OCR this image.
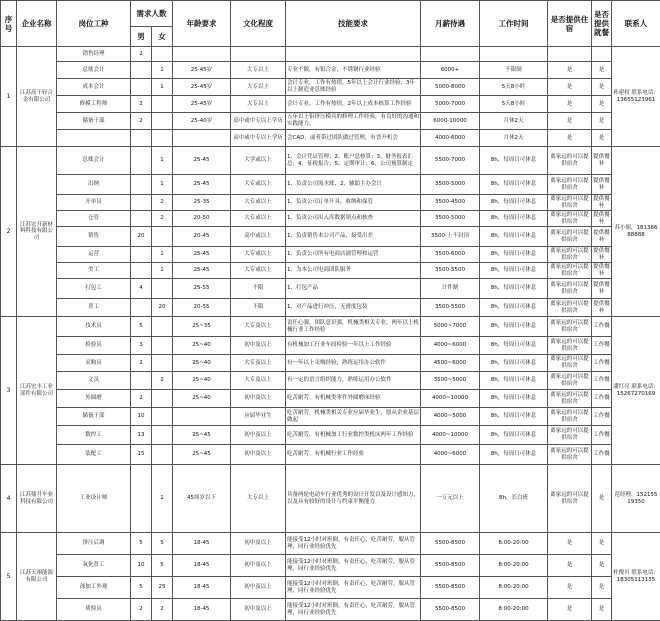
序号	企业名称	岗位工种	需求人数		年龄要求	文化程度	技能要求	月薪待遇	工作时间	是否提供住宿	是否提供就餐	联系人
			男	女								
1	江苏高千轻合金有限公司	销售经理	2									孙建权 联系电话：13655123961
		总账会计		1	25-45岁	大专以上	专业不限，有铝合金，不锈钢行业经验	6000+	不限制	是	是	
		成本会计		1	25-45岁	大专以上	会计专业，工作有热情，5年以上会计行业经验，3年以上制造业总账经验	5000-8000	5天8小时	是	是	
		修模工程师	2		25-45岁	大专以上	会计专业，工作有热情，2年以上成本核算工作经验	5000-7000	5天8小时	是	是	
		储备干部	2		25-40岁	高中或中专以上学历	五年以上铝挤压模具的修理工作经验，有良好的沟通和实践能力。	6000-10000	月休2天	是	是	
						高中或中专以上学历	会CAD，或者带过团队做过管理，有晋升机会	4000-6000	月休2天	是	是	
2	江苏宏升新材料科技有限公司	总账会计		1	25-45	大学或以上	1、会计凭证管理；2、账户总核算；3、财务报表汇总；4、征税报告；5、定期审计；6、公司预算制定	5500-7000	8h，每周日可休息	离家远的可以提供宿舍	提供餐补	苏小姐，18136688888
		出纳		1	25-45	大专或以上	1、负责公司流水账，2、辅助主办会计	3500-5000	8h，每周日可休息	离家远的可以提供宿舍	提供餐补	
		开单员		2	25-35	大专或以上	1、负责公司订单开具，收纳和保管	3500-4500	8h，每周日可休息	离家远的可以提供宿舍	提供餐补	
		仓管		2	20-50	大专或以上	1、负责公司出入库数据填点和核查	3500-5000	8h，每周日可休息	离家远的可以提供宿舍	提供餐补	
		销售	20		20-45	高中或以上	1、负责销售本公司产品，接受出差	3500-上不封顶	8h，每周日可休息	离家远的可以提供宿舍	提供餐补	
		运营		1	25-45	大专或以上	1、负责公司所有电商店铺管理和运营	3500-6000	8h，每周日可休息	离家远的可以提供宿舍	提供餐补	
		美工		1	25-45	大专或以上	1、为本公司电商团队服务	3500-5500	8h，每周日可休息	离家远的可以提供宿舍	提供餐补	
		打包工	4		25-55	不限	1、打包产品	计件制	8h，每周日可休息	离家远的可以提供宿舍	提供餐补	
		普工		20	20-55	不限	1、对产品进行冲压，无滑度包装	3500-5500	8h，每周日可休息	离家远的可以提供宿舍	提供餐补	
3	江苏宏丰工业部件有限公司	技术员	5		25~35	大专及以上	责任心强，团队意识强，机械类相关专业，两年以上机械行业工作经验	5000~7000	8h，每周日可休息	离家远的可以提供宿舍	工作餐	潘红亮 联系电话：15267270169
		检验员	3		25~40	初中及以上	有机械加工行业车间检验一年以上工作经验	4000~6000	8h，每周日可休息	离家远的可以提供宿舍	工作餐	
		采购员	2		25~40	大专及以上	有一年以上采购经验，熟练运用办公软件	4500~6000	8h，每周日可休息	离家远的可以提供宿舍	工作餐	
		文员		2	25~40	大专及以上	有一定的语言组织能力，熟练运用办公软件	3500~5000	8h，每周日可休息	离家远的可以提供宿舍	工作餐	
		外圆磨	2		25~40	初中及以上	吃苦耐劳，有机械类零件外圆磨床经验	4000~10000	8h，每周日可休息	离家远的可以提供宿舍	工作餐	
		储备干部	10			应届毕业生	吃苦耐劳，机械类相关专业应届毕业生，愿从企业基层做起	4000~5000	8h，每周日可休息	离家远的可以提供宿舍	工作餐	
		数控工	13		25~45	初中及以上	吃苦耐劳，有机械加工行业数控类机床两年工作经验	4000~10000	8h，每周日可休息	离家远的可以提供宿舍	工作餐	
		装配工	15		25~45	初中及以上	吃苦耐劳，有机械行业工作经验	4000~6000	8h，每周日可休息	离家远的可以提供宿舍	工作餐	
4	江苏鼎升车业科技有限公司	工业设计师		1	45周岁以下	大专以上	具备两轮电动车行业优秀的设计开发以及设计感知力，以及具有较好的设计与约束平衡能力	一万元以上	8h，长白班	离家远的可以提供宿舍	是	范经理，15215519350
5	江苏天翊能源有限公司	挤压后调	5	5	18-45	初中及以上	能接受12小时对班倒，有责任心，吃苦耐劳，服从管理，同行业经验优先	5500-8500	8:00-20:00	是	是	杜俊贝 联系电话：18305113135
		氧化普工	10	5	18-45	初中及以上	能接受12小时对班倒，有责任心，吃苦耐劳，服从管理，同行业经验优先	5500-8500	8:00-20:00	是	是	
		深加工外观	5	25	18-45	初中及以上	能接受12小时对班倒，有责任心，吃苦耐劳，服从管理，同行业经验优先	5500-8500	8:00-20:00	是	是	
		质检员	2	2	18-45	初中及以上	能接受12小时对班倒，有责任心，吃苦耐劳，服从管理，同行业经验优先	5500-8500	8:00-20:00	是	是	
